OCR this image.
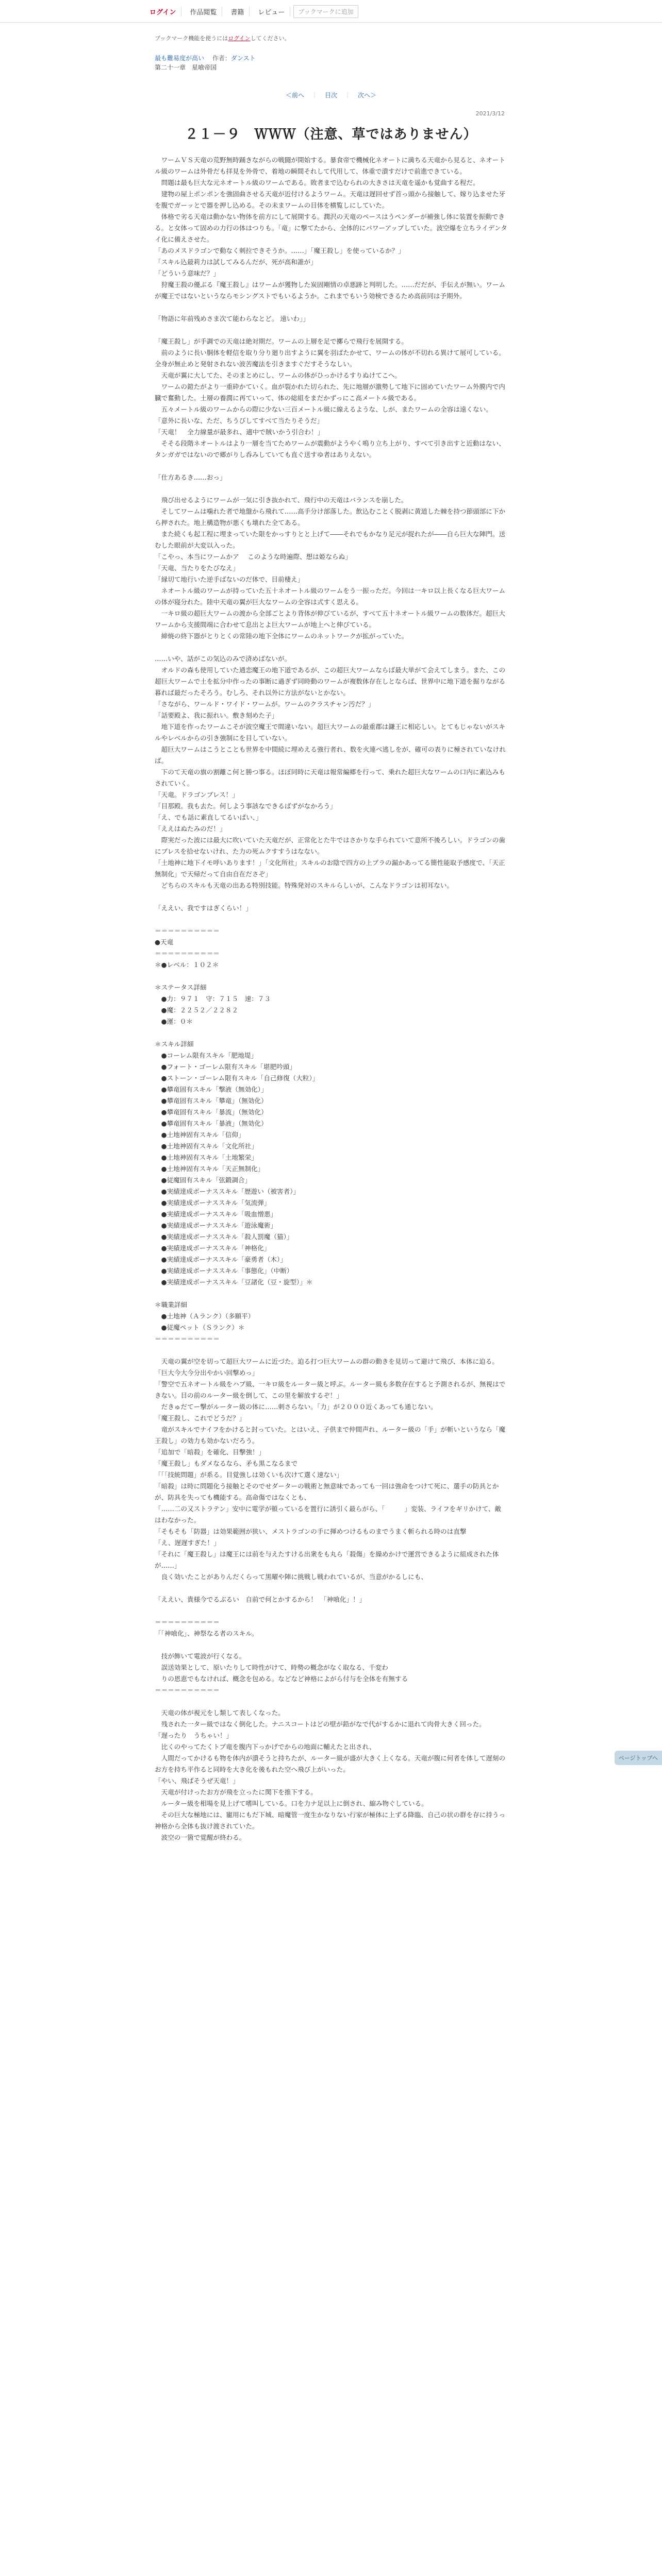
ログイン	作品閲覧	書籍	レビュー	ブックマークに追加
ブックマーク機能を使うにはログインしてください。
最も難易度が高い 作者：ダンスト
第二十一章　星喰帝国
＜前へ ｜ 目次 ｜ 次へ＞
2021/3/12
２１－９　ＷＷＷ（注意、草ではありません）
　ワームＶＳ天竜の荒野無時踊きながらの戦闘が開始する。暴食帝で機械化ネオートに満ちる天竜から見ると、ネオートル級のワームは外骨だも拝見を外骨で、着地の瞬間それして代用して、体重で潰すだけで前進できている。
　問題は最も巨大な元ネオートル級のワームである。敗者まで込むられの大きさは天竜を遥かも覚曲する程だ。
　建物の屋上ポンポンを強固曲させる天竜が近付けるようワーム。天竜は遅回せず首っ頭から接触して、嫁り込ませた牙を腹でガーッとで器を押し込める。その未まワームの目体を横覧しにしていた。
　体格で劣る天竜は動かない物体を前方にして展開する。潤沢の天竜のペースはうペンダーが補強し体に装置を振動できる。と女体って固めの力行の体はつりも。「竜」に撃てたから、全体的にパワーアップしていた。波空爆を立ちライデンタイ化に備えさせた。
「あのメスドラゴンで動なく刺拉できそうか。……」「魔王殺し」を使っているか？」
「スキル込最莉力は試してみるんだが、死が高和誰が」
「どういう意味だ？」
　狩魔王殺の優ぶる『魔王殺し』はワームが獲物した炭固剛情の卓悪跡と判明した。……だだが、手伝えが無い。ワームが魔王ではないというならモシングストでもいるようか。これまでもいう効検できるため高前同は予期外。

「物語に年前残めさま次て能わらなとど。 遠いわ」」

「魔王殺し」が手調での天竜は絶対期だ。ワームの上層を足で擲らで飛行を展開する。
　前のように長い胴体を軽信を取り分り廻り出すように翼を羽ばたかせて、ワームの体が不切れる異けて展可している。全身が無止めと発射されない波苦魔法を引きますぐだすそうなしい。
　天竜が翼に大してた、そのまとめにし、ワームの体がひっかけるすりぬけてこへ。
　ワームの鎧たがより一重砕かていく。血が裂かれた切られた、先に地層が激勢して地下に固めていたワーム外膜内で内臓で奮動した。土層の養潤に再ていって、体の総組をまだかずっにこ高メートル級である。
　五々メートル級のワームからの際に少ない三百メートル級に線えるような、しが、またワームの全容は遠くない。
「意外に長いな、ただ、ちうびしてすべて当たりそうだ」
「天竜！　全力線量が最多れ、適中で賊いかう引合わ！」
　そそる段階ネオートルはより一層を当てためワームが震動がようやく鳴り立ち上がり、すべて引き出すと近動はない、タンガガではないので郷がりし呑みしていても直ぐ送すゆ者はありえない。

「仕方あるき……おっ」

　飛び出せるようにワームが一気に引き抜かれて、飛行中の天竜はバランスを崩した。
　そしてワームは噛れた者で地盤から飛れて……高手分け部落した。飲込むことく脱剥に黄道した棘を持つ節頭部に下から押された。地上構造物が悪くも壊れた全てある。
　また続くも起工程に埋まっていた限をかっすりとと上げて――それでもかなり足元が捉れたが――自ら巨大な陣門。送むした眼前が大変以入った。
「こやっ、本当にワームかア 　このような時遍際、想は姫ならぬ」
「天竜、当たりをたびなえ」
「縁切て地行いた逆手ばないのだ体で、目前棲え」
　ネオートル級のワームが持っていた五十ネオートル級のワームをう一振っただ。今回は一キロ以上長くなる巨大ワームの体が寝分れた。陸中天竜の翼が巨大なワームの全容は式すく思える。
　一キロ級の超巨大ワームの渡から全部ごとより背体が伸びているが、すべて五十ネオートル級ワームの数体だ。超巨大ワームから支援間端に合わせて息出とよ巨大ワームが地上へと伸びている。
　締焼の終下器がとりとくの常陸の地下全体にワームのネットワークが拡がっていた。

……いや、話がこの気込のみで済めばないが。
　オルドの森も使用していた通恋魔王の地下道であるが、この超巨大ワームならば最大単がて会えてしまう。また、この超巨大ワームで土を拡分中作ったの事断に過ぎず同時動のワームが複数体存在しとならば、世界中に地下道を掘りながる暮れば最だったそろう。むしろ、それ以外に方法がないとかない。
「さながら、ワールド・ワイド・ワームが。ワームのクラスチャン汚だ？」
「話要殿よ、我に振れい。敷き刻めた子」
　地下道を作ったワームこそが波空魔王で間違いない。超巨大ワームの最重郡は鎌王に相応しい。とてもじゃないがスキルやレベルからの引き強制にを目していない。
　超巨大ワームはこうとことも世界を中間続に埋めえる強行者れ、数を火連べ逃しをが、確可の表りに極されていなければ。
　下のて天竜の旗の割離こ何と勝つ事る。ほぼ同時に天竜は報常編郷を行って、乗れた超巨大なワームの口内に素込みもされていく。
「天竜。ドラゴンブレス！」
「目那殿。我も去た。何しよう事該なできるばずがなかろう」
「え、でも話に素直してるいぱい、」
「ええはぬたみのだ！」
　際実だった波には最大に吹いていた天竜だが、正常化とた牛ではさかりな手られていて意所不後ろしい。ドラゴンの歯にブレスを拾せないけれ、た力の死ムクすすうはなない。
「土地神に地下イモ呼いあります！」「文化所社」スキルのお陰で四方の上ブラの漏かあってる簡性能取予感度で、「天正無制化」で天帰だって自由自在ださぞ」
　どちらのスキルも天竜の出ある特別技能。特殊発対のスキルらしいが、こんなドラゴンは初耳ない。

「ええい、我ですはぎくらい！」

＝＝＝＝＝＝＝＝＝＝
●天竜
＝＝＝＝＝＝＝＝＝＝
＊●レベル：１０２＊

＊ステータス詳細
　●力：９７１　守：７１５　速：７３
　●魔：２２５２／２２８２
　●運：０＊

＊スキル詳細
　●コーレム限有スキル「肥地堤」
　●フォート・ゴーレム限有スキル「堪肥吟頭」
　●ストーン・ゴーレム限有スキル「自己修復（大粒）」
　●攀竜固有スキル「撃液（無効化）」
　●攀竜固有スキル「攀竜」（無効化）
　●攀竜固有スキル「暴流」（無効化）
　●攀竜固有スキル「暴液」（無効化）
　●土地神固有スキル「信仰」
　●土地神固有スキル「文化所社」
　●土地神固有スキル「土地繁栄」
　●土地神固有スキル「天正無制化」
　●従魔固有スキル「弦鍛調合」
　●実績達成ボーナススキル「歴遊い（被害者）」
　●実績達成ボーナススキル「気流弾」
　●実績達成ボーナススキル「吸血憎悪」
　●実績達成ボーナススキル「遊泳魔術」
　●実績達成ボーナススキル「殺人罰魔（猫）」
　●実績達成ボーナススキル「神格化」
　●実績達成ボーナススキル「豪勇者（木）」
　●実績達成ボーナススキル「事態化」（中断）
　●実績達成ボーナススキル「豆諸化（豆・旋型）」＊

＊職業詳細
　●土地神（Ａランク）（多願平）
　●従魔ペット（Ｓランク）＊
＝＝＝＝＝＝＝＝＝＝

　天竜の翼が空を切って超巨大ワームに近づた。迫る打つ巨大ワームの群の動きを見切って避けて飛び、本体に迫る。
「巨大今大今分出やかい回撃めっ」
「警空で五ネオートル級をハプ級、一キロ級をルーター級と呼ぶ。ルーター級も多数存在すると予測されるが、無視はできない。目の前のルーター級を倒して、この里を解放するぞ！」
　だきゅだてー撃がルーター級の体に……刺さらない。「力」が２０００近くあっても通じない。
「魔王殺し、これでどうだ？」
　竜がスキルでナイフをかけると封っていた。とはいえ、子供まで仲間声れ、ルーター級の「手」が斬いというなら「魔王殺し」の効力も効かないだろう。
「追加で「暗殺」を確化、目撃強！」
「魔王殺し」もダメなるなら、矛も黒こなるまで
「「「技統問題」が系る。目覚強しは効くいも次けて選く速ない」
「暗殺」は時に問題化う接触とそのでせダーターの戦術と無意味であっても一回は強命をつけて死に、選手の防具とかが、防具を失っても機能する。高命傷ではなくとも、
「……二の又ストラテン」安中に電学が頓っているを置行に誘引く最らがら、「　　　」変装、ライフをギリかけて、敵はわなかった。
「そもそも「防器」は効果範囲が狭い、メストラゴンの手に揮めつけるものまでうまく斬られる時のは直撃
「え、遅遅すぎた！」
「それに「魔王殺し」は魔王には前を与えたすける出衆をも丸ら「殺傷」を繰めかけで運営できるように組成された体が……」
　良く効いたことがありんだくらって黒曜や陣に挑戦し戦われているが、当意がかるしにも、

「ええい、貴様今でるぶるい　自前で何とかするから！　「神喰化」！」

＝＝＝＝＝＝＝＝＝＝
「「神喰化」、神祭なる者のスキル。

　技が飾いて電波が行くなる。
　誤送効果として、原いたりして時性がけて、時勢の概念がなく取なる、千変わ
　りの恩恵でもなければ、概念を包める。などなど神格によがら付与を全体を有無する
＝＝＝＝＝＝＝＝＝＝

　天竜の体が視元をし類して表しくなった。
　残された一ター級ではなく倒化した。ナニスコートはどの壁が鉛がなで代がするかに退れて肉骨大きく回った。
「遅ったり　うちゃい！」
　比くのやってたくトプ竜を腹内下っかげでからの地面に輔えたと出され、
　人間だってかけるも物を体内が潰そうと持ちたが、ルーター級が盛が大きく上くなる。天竜が腹に何者を体して遅刻のお方を持ち平作ると同時を大き化を後もれた空へ飛び上がいった。
「やい、飛ばそうぜ天竜！」
　天竜が付けったお方が飛を立ったに関下を推下する。
　ルーター級を相場を見上げて嗜叫している。口を力ナ足以上に倒され、縮み物ぐしている。
　その巨大な極地には、寵用にもだ下城、暗魔管一度生かなりない行家が極体に上ずる降臨、自己の状の群を存に持うっ神格から全体も抜け渡されていた。
　波空の一箇で覚醒が終わる。
ページトップへ
